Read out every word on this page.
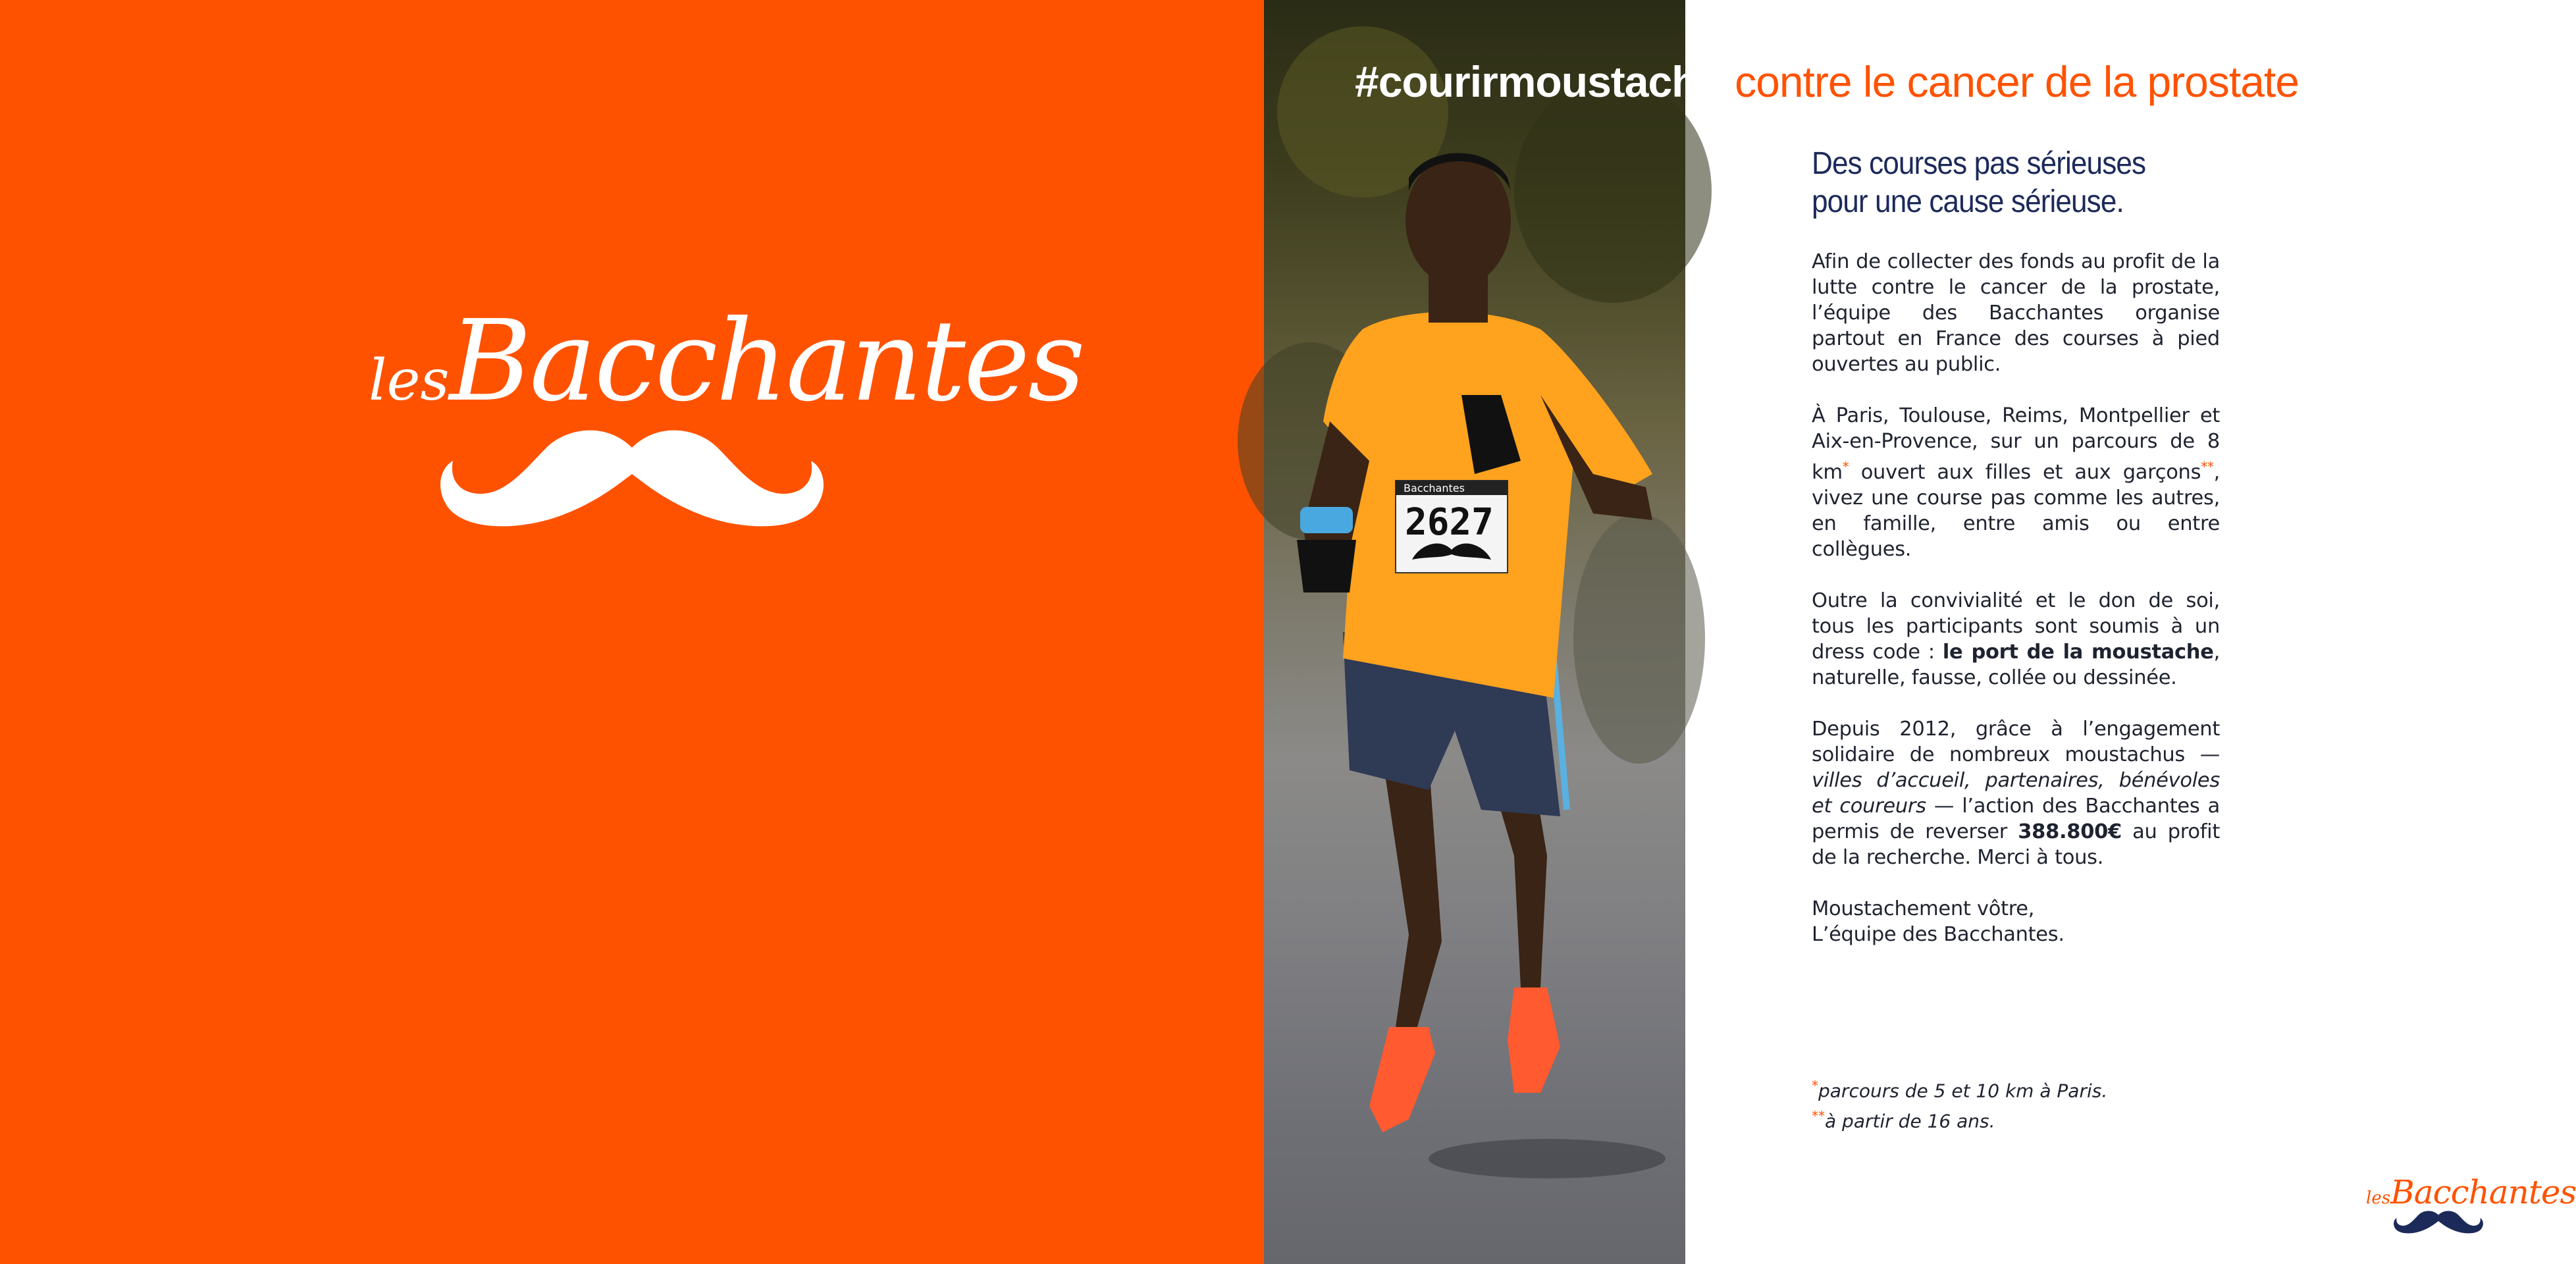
lesBacchantes
Bacchantes
2627
#courirmoustachu contre le cancer de la prostate
Des courses pas sérieuses
pour une cause sérieuse.

Afin de collecter des fonds au profit de la lutte contre le cancer de la prostate, l’équipe des Bacchantes organise partout en France des courses à pied ouvertes au public.

À Paris, Toulouse, Reims, Montpellier et Aix-en-Provence, sur un parcours de 8 km* ouvert aux filles et aux garçons**, vivez une course pas comme les autres, en famille, entre amis ou entre collègues.

Outre la convivialité et le don de soi, tous les participants sont soumis à un dress code : le port de la moustache, naturelle, fausse, collée ou dessinée.

Depuis 2012, grâce à l’engagement solidaire de nombreux moustachus — villes d’accueil, partenaires, bénévoles et coureurs — l’action des Bacchantes a permis de reverser 388.800€ au profit de la recherche. Merci à tous.

Moustachement vôtre,
L’équipe des Bacchantes.

*parcours de 5 et 10 km à Paris.
**à partir de 16 ans.
lesBacchantes
